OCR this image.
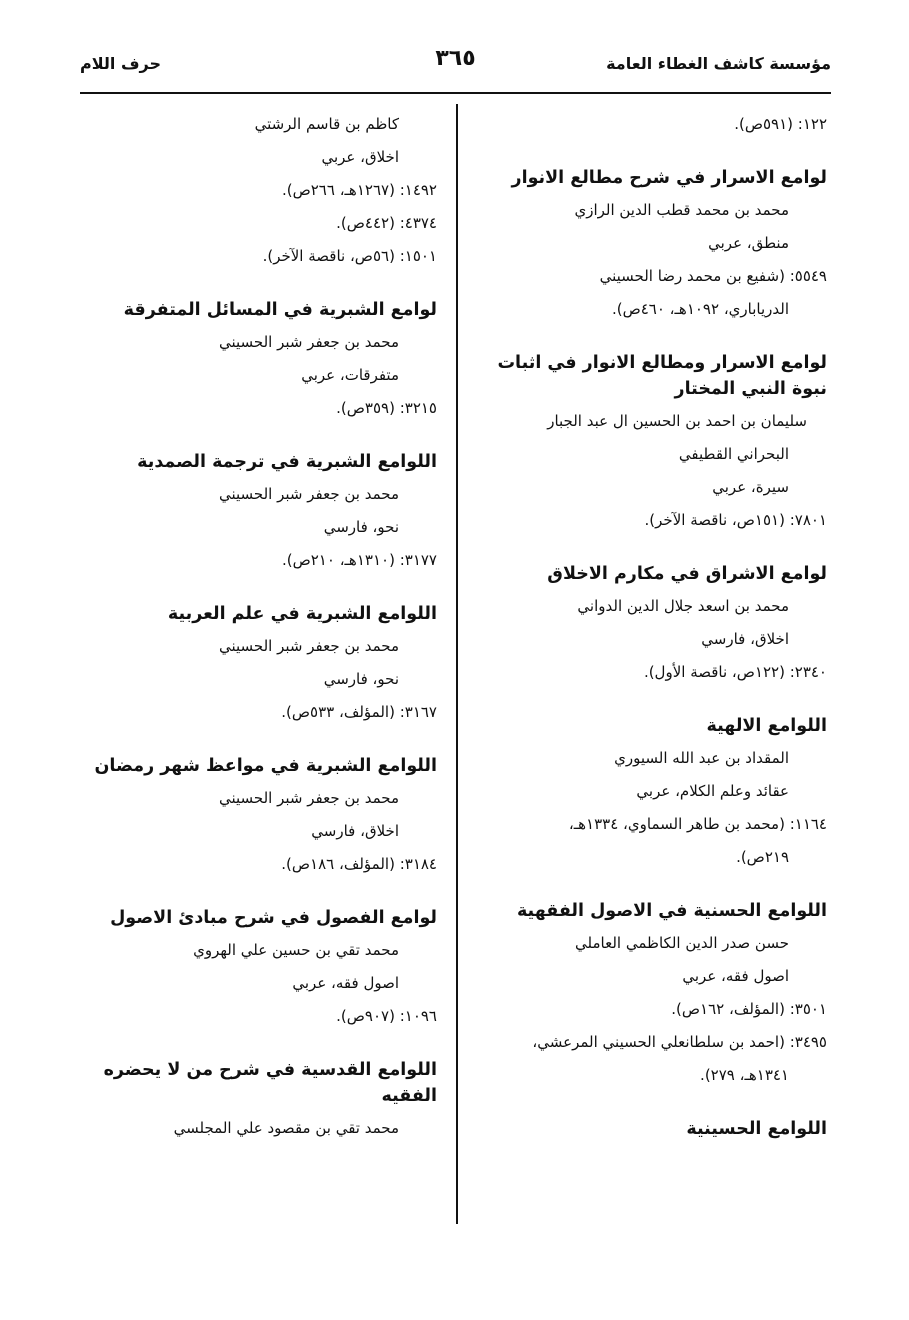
مؤسسة كاشف الغطاء العامة
٣٦٥
حرف اللام
١٢٢: (٥٩١ص).
لوامع الاسرار في شرح مطالع الانوار
محمد بن محمد قطب الدين الرازي
منطق، عربي
٥٥٤٩: (شفيع بن محمد رضا الحسيني
الدرياباري، ١٠٩٢هـ، ٤٦٠ص).
لوامع الاسرار ومطالع الانوار في اثبات نبوة النبي المختار
سليمان بن احمد بن الحسين ال عبد الجبار
البحراني القطيفي
سيرة، عربي
٧٨٠١: (١٥١ص، ناقصة الآخر).
لوامع الاشراق في مكارم الاخلاق
محمد بن اسعد جلال الدين الدواني
اخلاق، فارسي
٢٣٤٠: (١٢٢ص، ناقصة الأول).
اللوامع الالهية
المقداد بن عبد الله السيوري
عقائد وعلم الكلام، عربي
١١٦٤: (محمد بن طاهر السماوي، ١٣٣٤هـ،
٢١٩ص).
اللوامع الحسنية في الاصول الفقهية
حسن صدر الدين الكاظمي العاملي
اصول فقه، عربي
٣٥٠١: (المؤلف، ١٦٢ص).
٣٤٩٥: (احمد بن سلطانعلي الحسيني المرعشي،
١٣٤١هـ، ٢٧٩).
اللوامع الحسينية
كاظم بن قاسم الرشتي
اخلاق، عربي
١٤٩٢: (١٢٦٧هـ، ٢٦٦ص).
٤٣٧٤: (٤٤٢ص).
١٥٠١: (٥٦ص، ناقصة الآخر).
لوامع الشبرية في المسائل المتفرقة
محمد بن جعفر شبر الحسيني
متفرقات، عربي
٣٢١٥: (٣٥٩ص).
اللوامع الشبرية في ترجمة الصمدية
محمد بن جعفر شبر الحسيني
نحو، فارسي
٣١٧٧: (١٣١٠هـ، ٢١٠ص).
اللوامع الشبرية في علم العربية
محمد بن جعفر شبر الحسيني
نحو، فارسي
٣١٦٧: (المؤلف، ٥٣٣ص).
اللوامع الشبرية في مواعظ شهر رمضان
محمد بن جعفر شبر الحسيني
اخلاق، فارسي
٣١٨٤: (المؤلف، ١٨٦ص).
لوامع الفصول في شرح مبادئ الاصول
محمد تقي بن حسين علي الهروي
اصول فقه، عربي
١٠٩٦: (٩٠٧ص).
اللوامع القدسية في شرح من لا يحضره الفقيه
محمد تقي بن مقصود علي المجلسي
